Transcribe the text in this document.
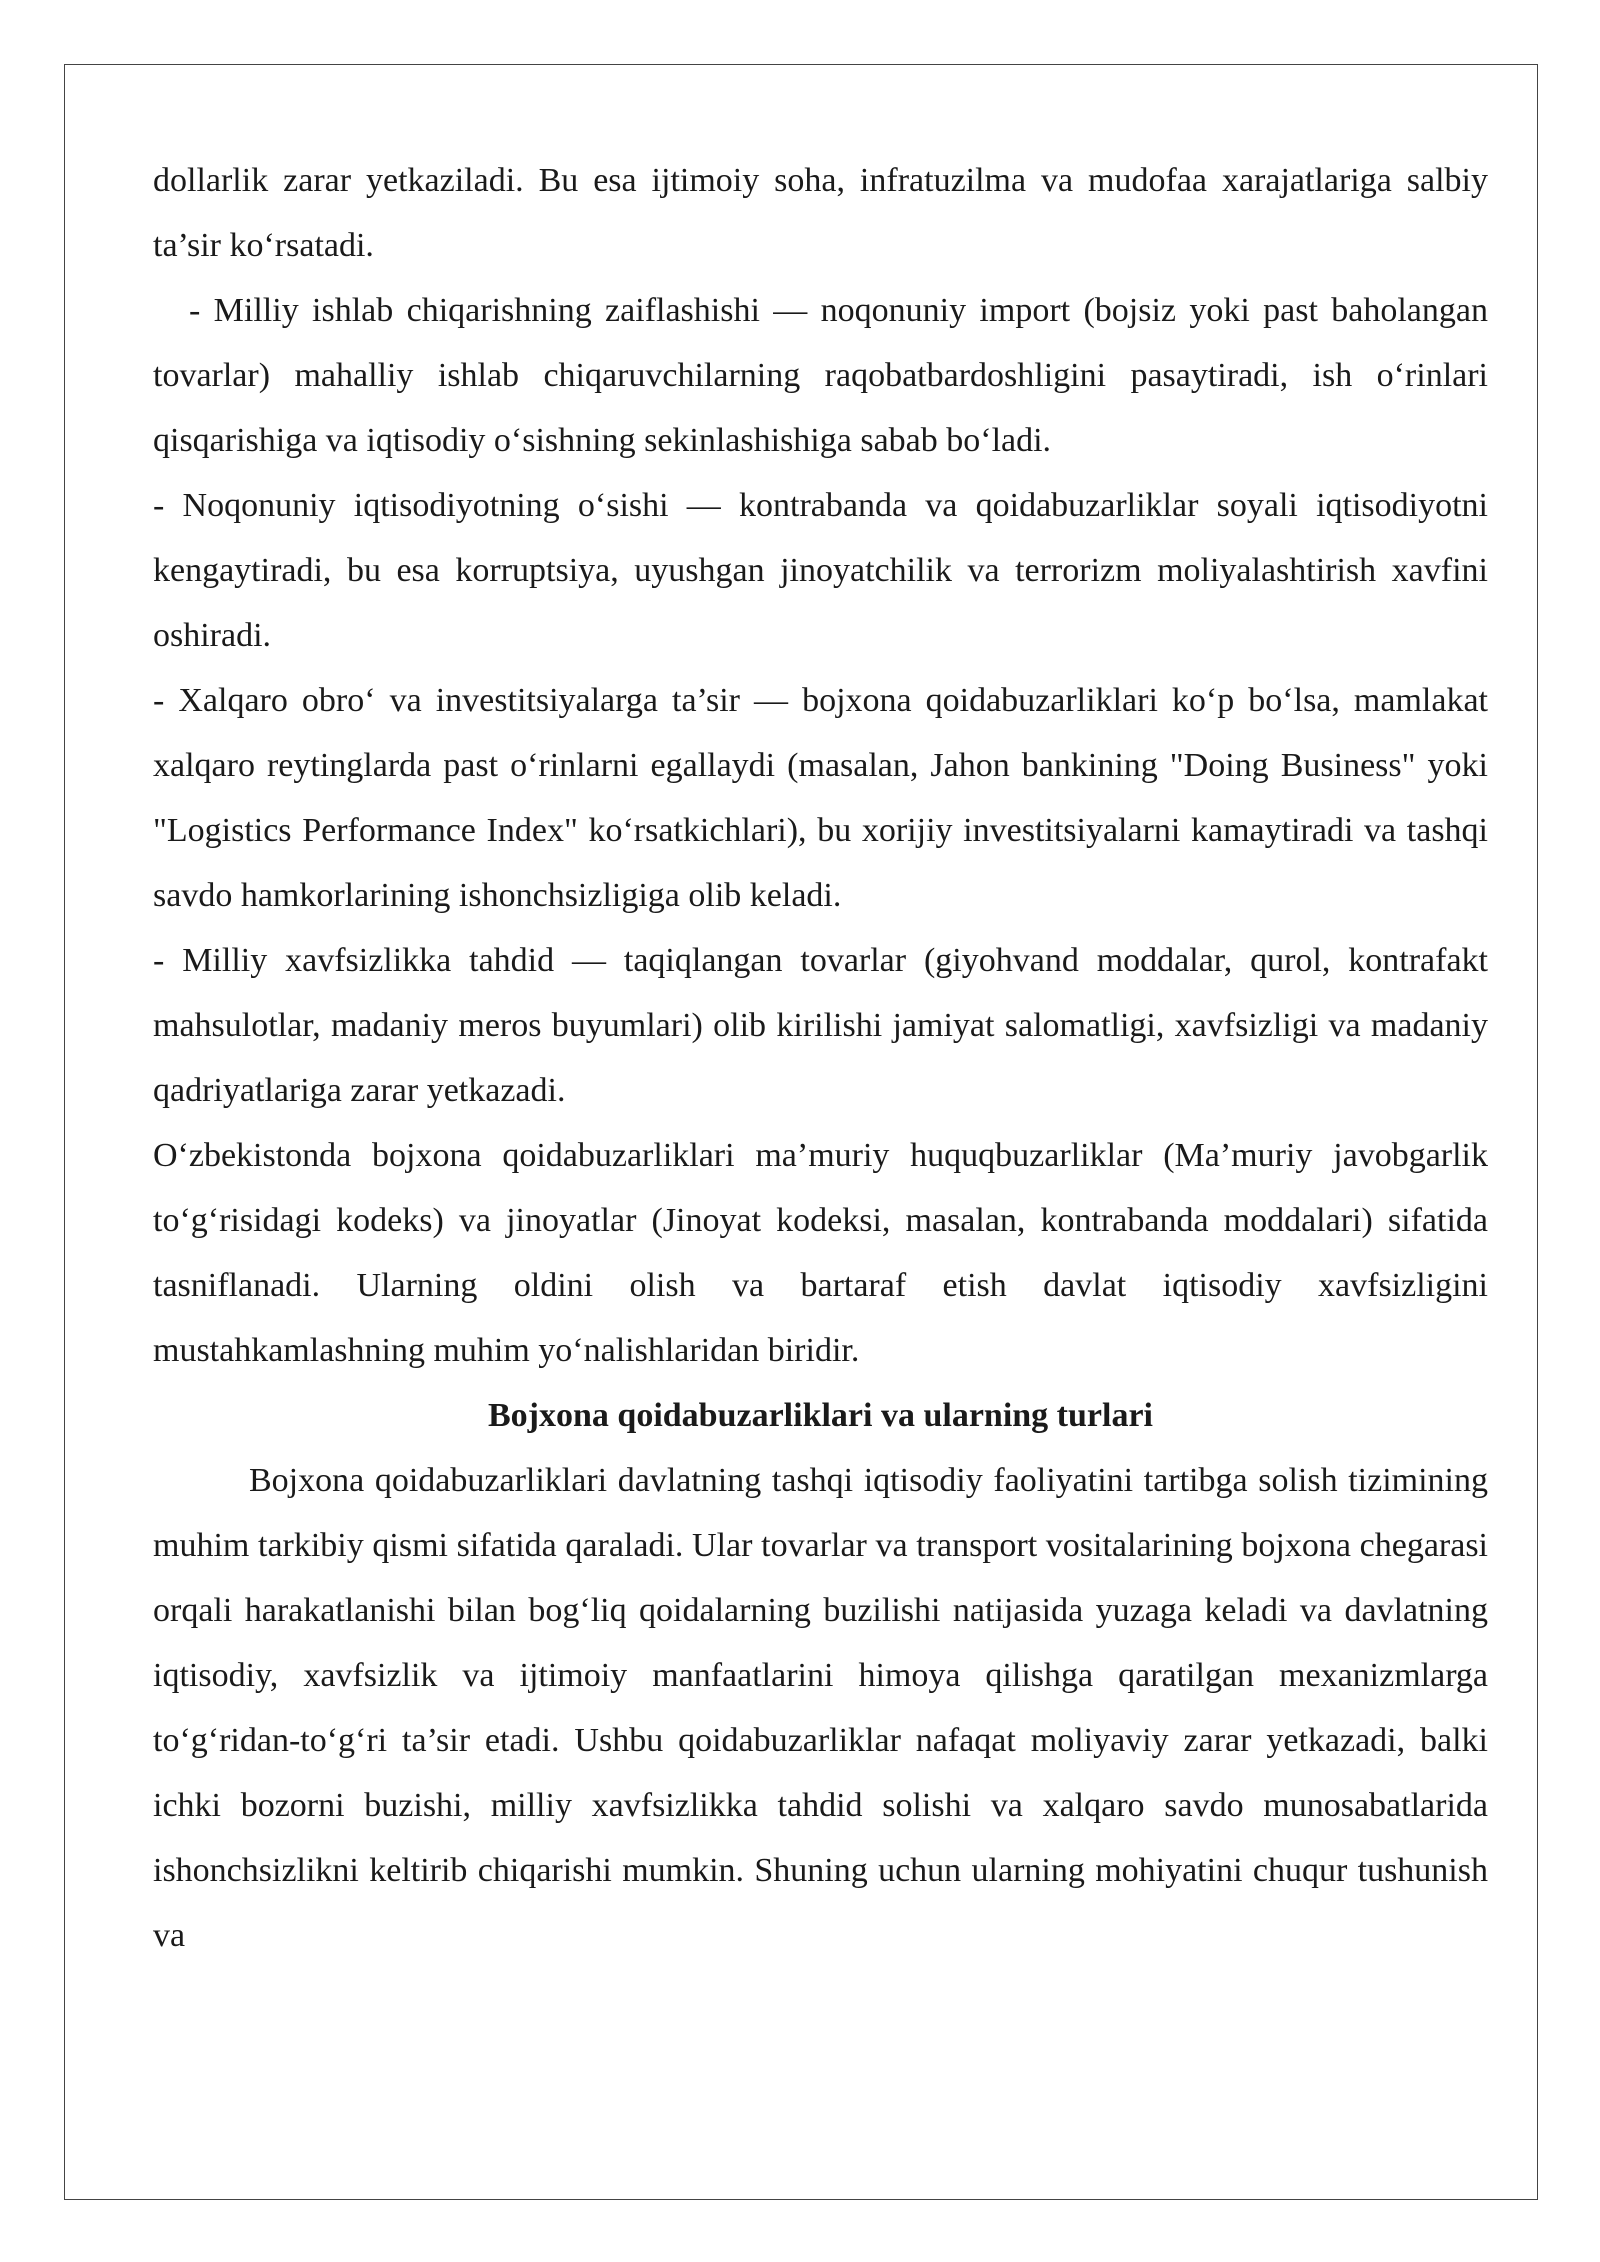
dollarlik zarar yetkaziladi. Bu esa ijtimoiy soha, infratuzilma va mudofaa xarajatlariga salbiy ta’sir ko‘rsatadi.

- Milliy ishlab chiqarishning zaiflashishi — noqonuniy import (bojsiz yoki past baholangan tovarlar) mahalliy ishlab chiqaruvchilarning raqobatbardoshligini pasaytiradi, ish o‘rinlari qisqarishiga va iqtisodiy o‘sishning sekinlashishiga sabab bo‘ladi.

- Noqonuniy iqtisodiyotning o‘sishi — kontrabanda va qoidabuzarliklar soyali iqtisodiyotni kengaytiradi, bu esa korruptsiya, uyushgan jinoyatchilik va terrorizm moliyalashtirish xavfini oshiradi.

- Xalqaro obro‘ va investitsiyalarga ta’sir — bojxona qoidabuzarliklari ko‘p bo‘lsa, mamlakat xalqaro reytinglarda past o‘rinlarni egallaydi (masalan, Jahon bankining "Doing Business" yoki "Logistics Performance Index" ko‘rsatkichlari), bu xorijiy investitsiyalarni kamaytiradi va tashqi savdo hamkorlarining ishonchsizligiga olib keladi.

- Milliy xavfsizlikka tahdid — taqiqlangan tovarlar (giyohvand moddalar, qurol, kontrafakt mahsulotlar, madaniy meros buyumlari) olib kirilishi jamiyat salomatligi, xavfsizligi va madaniy qadriyatlariga zarar yetkazadi.

O‘zbekistonda bojxona qoidabuzarliklari ma’muriy huquqbuzarliklar (Ma’muriy javobgarlik to‘g‘risidagi kodeks) va jinoyatlar (Jinoyat kodeksi, masalan, kontrabanda moddalari) sifatida tasniflanadi. Ularning oldini olish va bartaraf etish davlat iqtisodiy xavfsizligini mustahkamlashning muhim yo‘nalishlaridan biridir.

Bojxona qoidabuzarliklari va ularning turlari

Bojxona qoidabuzarliklari davlatning tashqi iqtisodiy faoliyatini tartibga solish tizimining muhim tarkibiy qismi sifatida qaraladi. Ular tovarlar va transport vositalarining bojxona chegarasi orqali harakatlanishi bilan bog‘liq qoidalarning buzilishi natijasida yuzaga keladi va davlatning iqtisodiy, xavfsizlik va ijtimoiy manfaatlarini himoya qilishga qaratilgan mexanizmlarga to‘g‘ridan-to‘g‘ri ta’sir etadi. Ushbu qoidabuzarliklar nafaqat moliyaviy zarar yetkazadi, balki ichki bozorni buzishi, milliy xavfsizlikka tahdid solishi va xalqaro savdo munosabatlarida ishonchsizlikni keltirib chiqarishi mumkin. Shuning uchun ularning mohiyatini chuqur tushunish va
